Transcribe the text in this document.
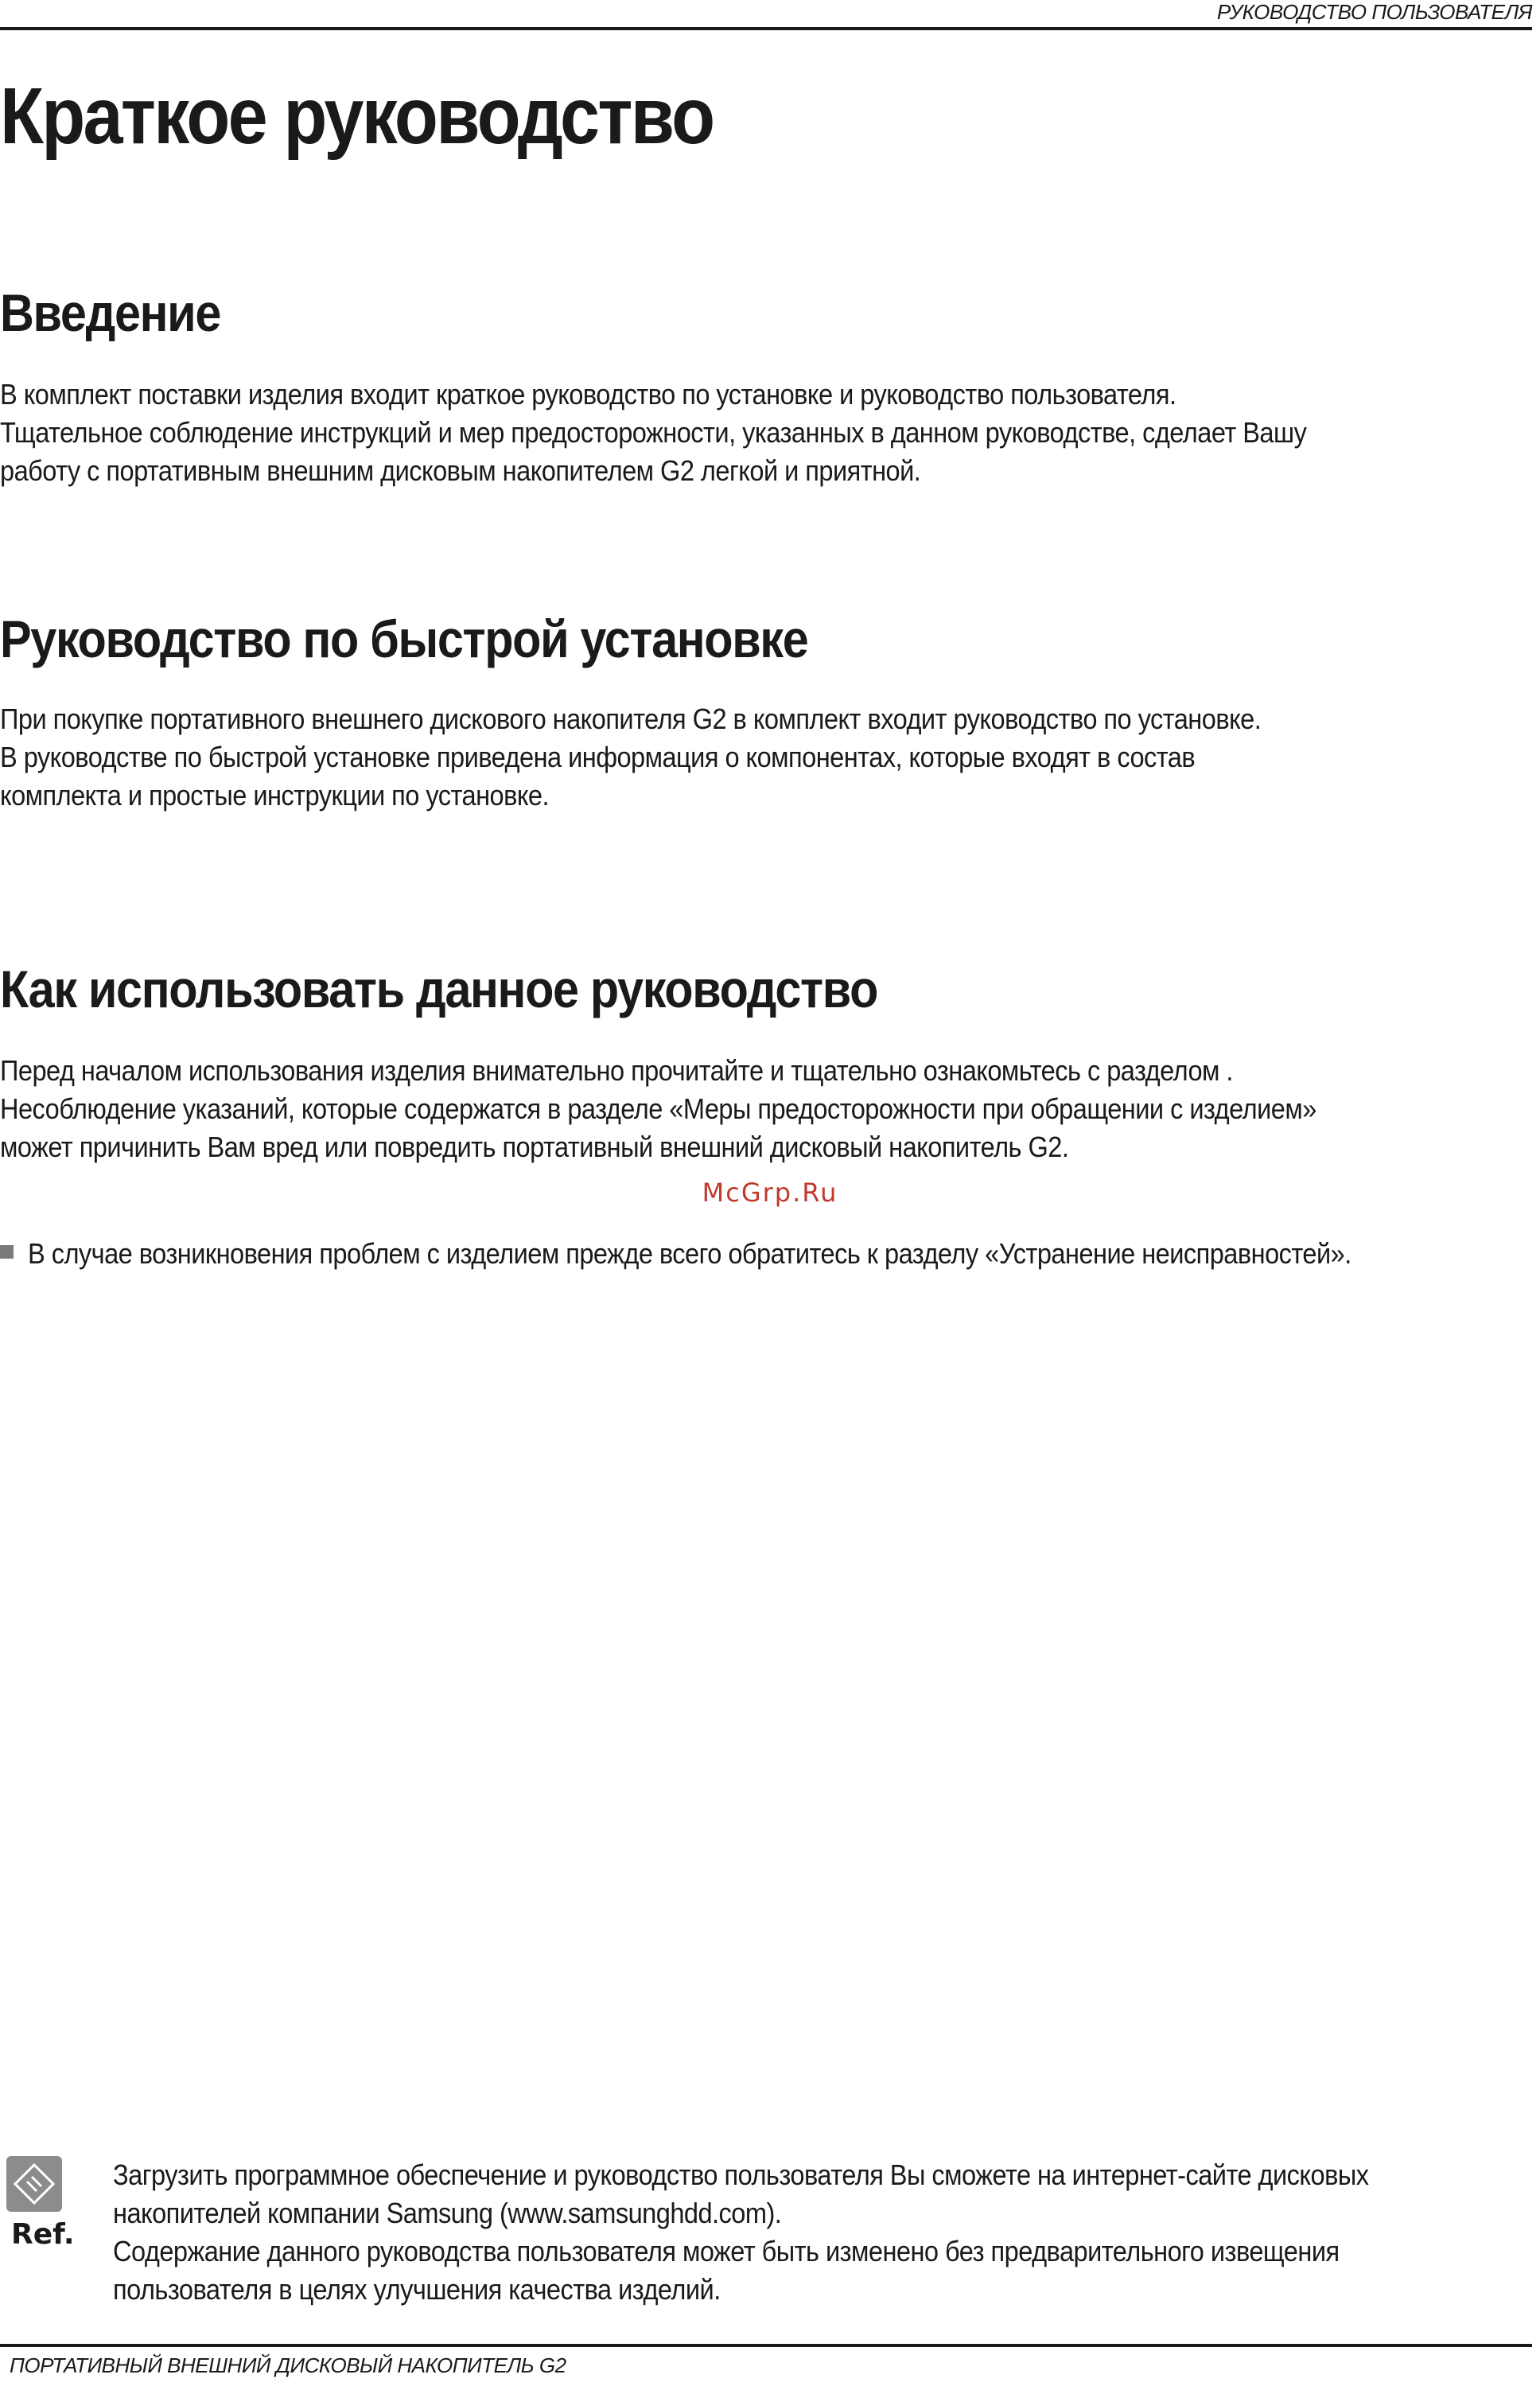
РУКОВОДСТВО ПОЛЬЗОВАТЕЛЯ
Краткое руководство
Введение

В комплект поставки изделия входит краткое руководство по установке и руководство пользователя.
Тщательное соблюдение инструкций и мер предосторожности, указанных в данном руководстве, сделает Вашу
работу с портативным внешним дисковым накопителем G2 легкой и приятной.

Руководство по быстрой установке

При покупке портативного внешнего дискового накопителя G2 в комплект входит руководство по установке.
В руководстве по быстрой установке приведена информация о компонентах, которые входят в состав
комплекта и простые инструкции по установке.

Как использовать данное руководство

Перед началом использования изделия внимательно прочитайте и тщательно ознакомьтесь с разделом .
Несоблюдение указаний, которые содержатся в разделе «Меры предосторожности при обращении с изделием»
может причинить Вам вред или повредить портативный внешний дисковый накопитель G2.

McGrp.Ru
В случае возникновения проблем с изделием прежде всего обратитесь к разделу «Устранение неисправностей».
Ref.
Загрузить программное обеспечение и руководство пользователя Вы сможете на интернет-сайте дисковых
накопителей компании Samsung (www.samsunghdd.com).
Содержание данного руководства пользователя может быть изменено без предварительного извещения
пользователя в целях улучшения качества изделий.
ПОРТАТИВНЫЙ ВНЕШНИЙ ДИСКОВЫЙ НАКОПИТЕЛЬ G2
